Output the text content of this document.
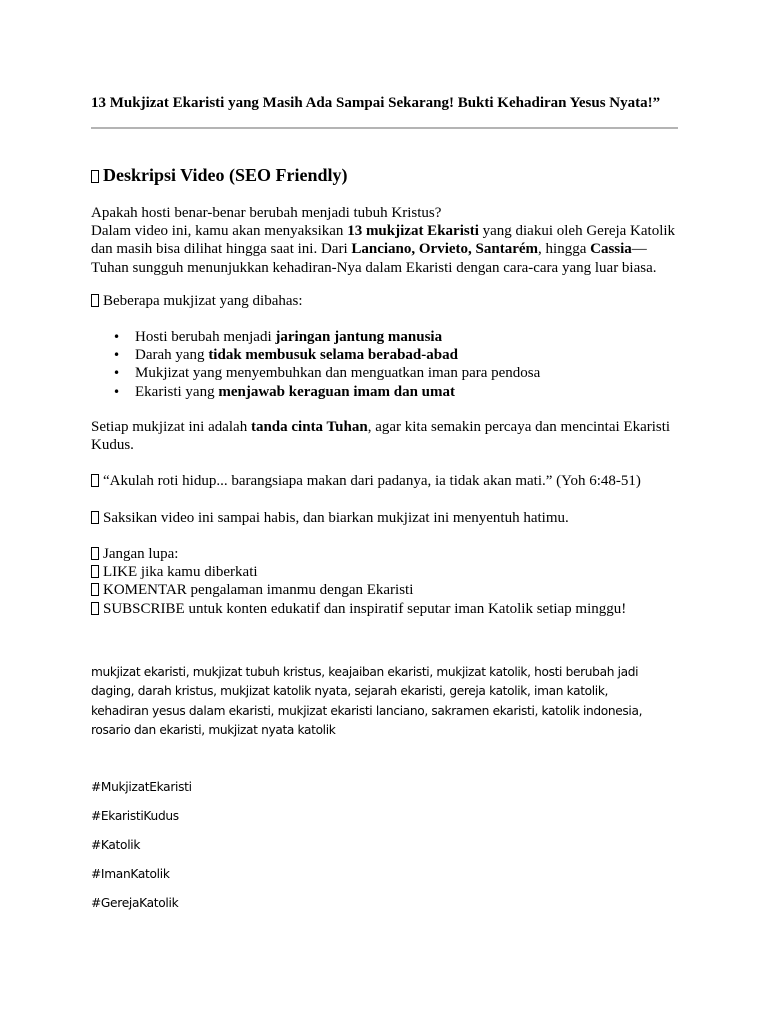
13 Mukjizat Ekaristi yang Masih Ada Sampai Sekarang! Bukti Kehadiran Yesus Nyata!”
Deskripsi Video (SEO Friendly)
Apakah hosti benar-benar berubah menjadi tubuh Kristus?
Dalam video ini, kamu akan menyaksikan 13 mukjizat Ekaristi yang diakui oleh Gereja Katolik dan masih bisa dilihat hingga saat ini. Dari Lanciano, Orvieto, Santarém, hingga Cassia—Tuhan sungguh menunjukkan kehadiran-Nya dalam Ekaristi dengan cara-cara yang luar biasa.
Beberapa mukjizat yang dibahas:
• Hosti berubah menjadi jaringan jantung manusia
• Darah yang tidak membusuk selama berabad-abad
• Mukjizat yang menyembuhkan dan menguatkan iman para pendosa
• Ekaristi yang menjawab keraguan imam dan umat
Setiap mukjizat ini adalah tanda cinta Tuhan, agar kita semakin percaya dan mencintai Ekaristi Kudus.
“Akulah roti hidup... barangsiapa makan dari padanya, ia tidak akan mati.” (Yoh 6:48-51)
Saksikan video ini sampai habis, dan biarkan mukjizat ini menyentuh hatimu.
Jangan lupa:
LIKE jika kamu diberkati
KOMENTAR pengalaman imanmu dengan Ekaristi
SUBSCRIBE untuk konten edukatif dan inspiratif seputar iman Katolik setiap minggu!
mukjizat ekaristi, mukjizat tubuh kristus, keajaiban ekaristi, mukjizat katolik, hosti berubah jadi daging, darah kristus, mukjizat katolik nyata, sejarah ekaristi, gereja katolik, iman katolik, kehadiran yesus dalam ekaristi, mukjizat ekaristi lanciano, sakramen ekaristi, katolik indonesia, rosario dan ekaristi, mukjizat nyata katolik
#MukjizatEkaristi
#EkaristiKudus
#Katolik
#ImanKatolik
#GerejaKatolik
